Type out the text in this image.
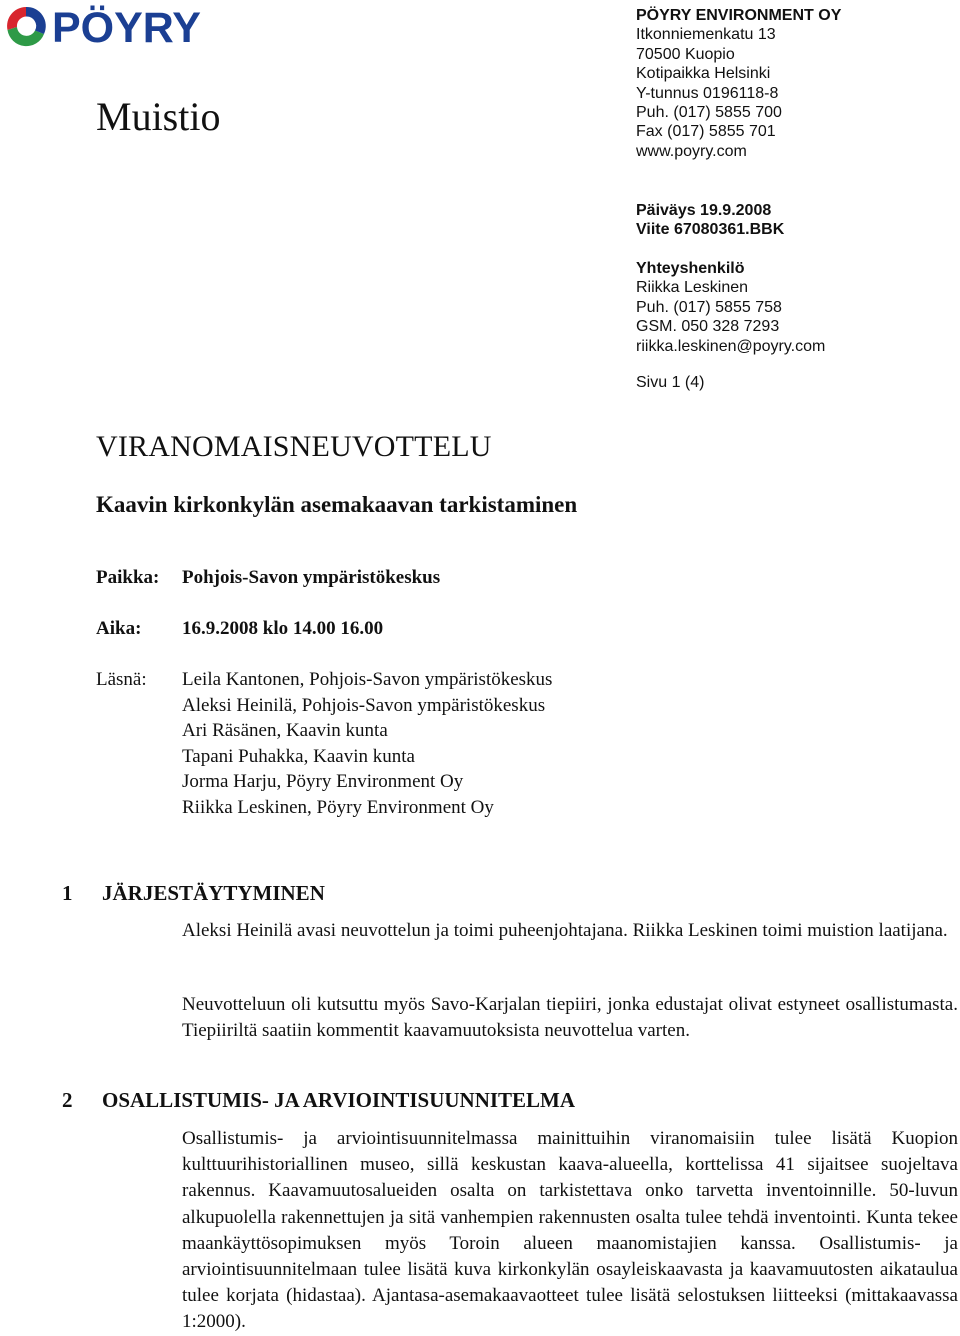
PÖYRY
Muistio
PÖYRY ENVIRONMENT OY
Itkonniemenkatu 13
70500 Kuopio
Kotipaikka Helsinki
Y-tunnus 0196118-8
Puh. (017) 5855 700
Fax (017) 5855 701
www.poyry.com
Päiväys 19.9.2008
Viite 67080361.BBK
Yhteyshenkilö
Riikka Leskinen
Puh. (017) 5855 758
GSM. 050 328 7293
riikka.leskinen@poyry.com
Sivu 1 (4)
VIRANOMAISNEUVOTTELU
Kaavin kirkonkylän asemakaavan tarkistaminen
Paikka: Pohjois-Savon ympäristökeskus
Aika: 16.9.2008 klo 14.00 16.00
Läsnä: Leila Kantonen, Pohjois-Savon ympäristökeskus
Aleksi Heinilä, Pohjois-Savon ympäristökeskus
Ari Räsänen, Kaavin kunta
Tapani Puhakka, Kaavin kunta
Jorma Harju, Pöyry Environment Oy
Riikka Leskinen, Pöyry Environment Oy
1 JÄRJESTÄYTYMINEN
Aleksi Heinilä avasi neuvottelun ja toimi puheenjohtajana. Riikka Leskinen toimi muistion laatijana.
Neuvotteluun oli kutsuttu myös Savo-Karjalan tiepiiri, jonka edustajat olivat estyneet osallistumasta. Tiepiiriltä saatiin kommentit kaavamuutoksista neuvottelua varten.
2 OSALLISTUMIS- JA ARVIOINTISUUNNITELMA
Osallistumis- ja arviointisuunnitelmassa mainittuihin viranomaisiin tulee lisätä Kuopion kulttuurihistoriallinen museo, sillä keskustan kaava-alueella, korttelissa 41 sijaitsee suojeltava rakennus. Kaavamuutosalueiden osalta on tarkistettava onko tarvetta inventoinnille. 50-luvun alkupuolella rakennettujen ja sitä vanhempien rakennusten osalta tulee tehdä inventointi. Kunta tekee maankäyttösopimuksen myös Toroin alueen maanomistajien kanssa. Osallistumis- ja arviointisuunnitelmaan tulee lisätä kuva kirkonkylän osayleiskaavasta ja kaavamuutosten aikataulua tulee korjata (hidastaa). Ajantasa-asemakaavaotteet tulee lisätä selostuksen liitteeksi (mittakaavassa 1:2000).
